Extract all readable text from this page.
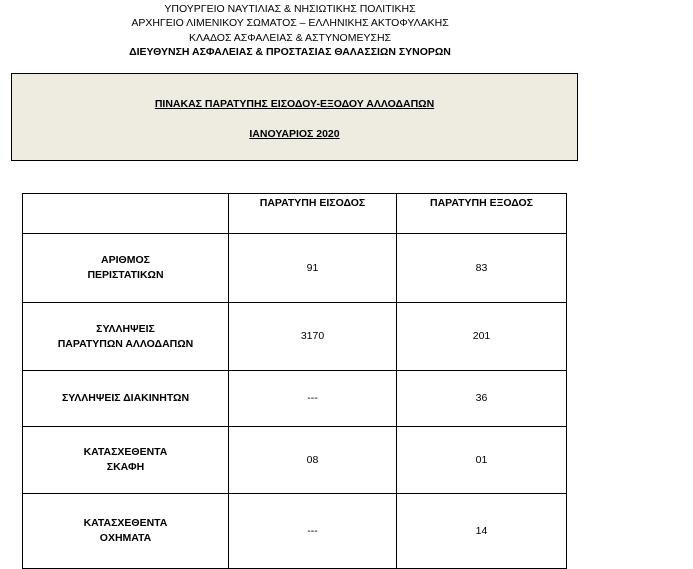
ΥΠΟΥΡΓΕΙΟ ΝΑΥΤΙΛΙΑΣ & ΝΗΣΙΩΤΙΚΗΣ ΠΟΛΙΤΙΚΗΣ
ΑΡΧΗΓΕΙΟ ΛΙΜΕΝΙΚΟΥ ΣΩΜΑΤΟΣ – ΕΛΛΗΝΙΚΗΣ ΑΚΤΟΦΥΛΑΚΗΣ
ΚΛΑΔΟΣ ΑΣΦΑΛΕΙΑΣ & ΑΣΤΥΝΟΜΕΥΣΗΣ
ΔΙΕΥΘΥΝΣΗ ΑΣΦΑΛΕΙΑΣ & ΠΡΟΣΤΑΣΙΑΣ ΘΑΛΑΣΣΙΩΝ ΣΥΝΟΡΩΝ
ΠΙΝΑΚΑΣ ΠΑΡΑΤΥΠΗΣ ΕΙΣΟΔΟΥ-ΕΞΟΔΟΥ ΑΛΛΟΔΑΠΩΝ
ΙΑΝΟΥΑΡΙΟΣ 2020
	ΠΑΡΑΤΥΠΗ ΕΙΣΟΔΟΣ	ΠΑΡΑΤΥΠΗ ΕΞΟΔΟΣ
ΑΡΙΘΜΟΣ
ΠΕΡΙΣΤΑΤΙΚΩΝ	91	83
ΣΥΛΛΗΨΕΙΣ
ΠΑΡΑΤΥΠΩΝ ΑΛΛΟΔΑΠΩΝ	3170	201
ΣΥΛΛΗΨΕΙΣ ΔΙΑΚΙΝΗΤΩΝ	---	36
ΚΑΤΑΣΧΕΘΕΝΤΑ
ΣΚΑΦΗ	08	01
ΚΑΤΑΣΧΕΘΕΝΤΑ
ΟΧΗΜΑΤΑ	---	14
